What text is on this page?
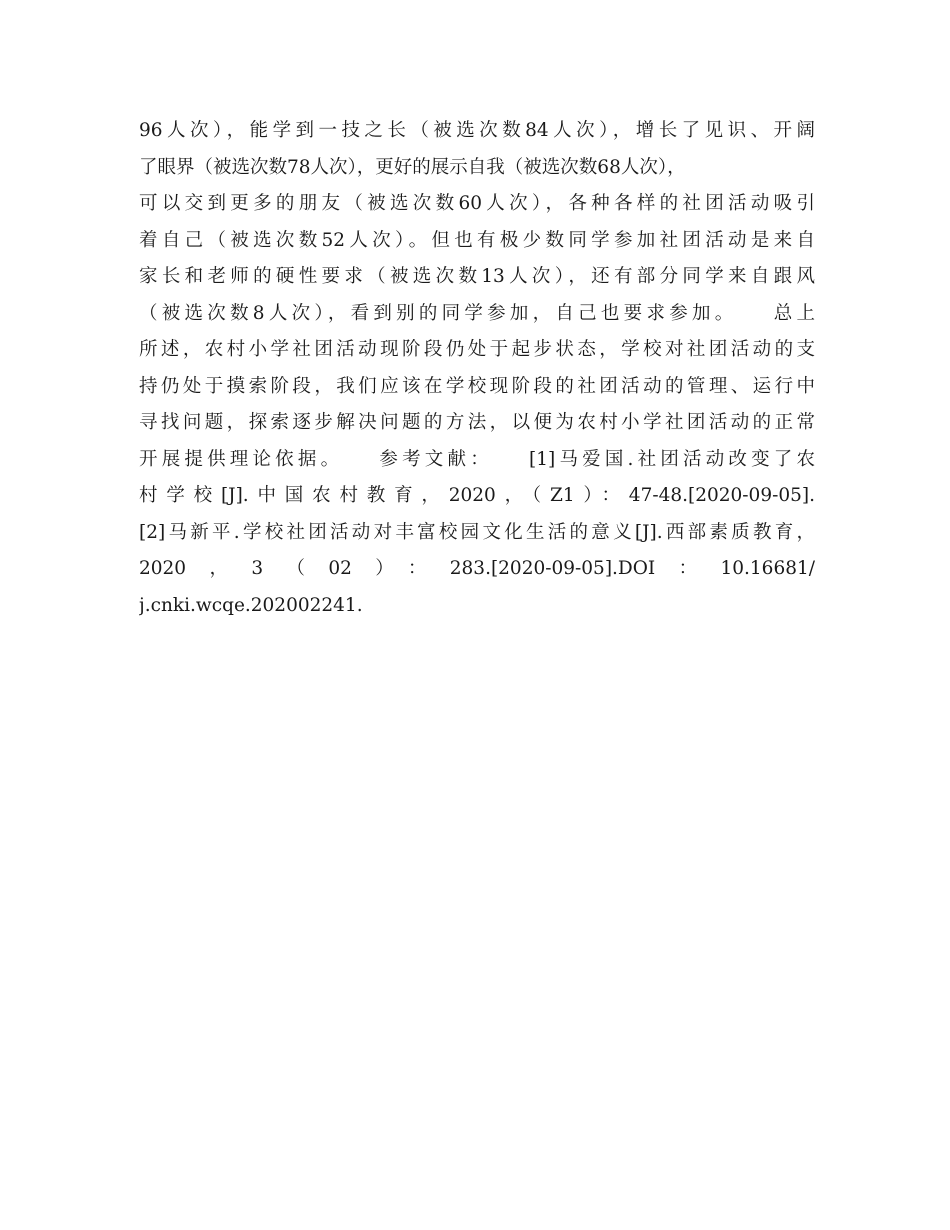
96人次），能学到一技之长（被选次数84人次），增长了见识、开阔
了眼界（被选次数78人次），更好的展示自我（被选次数68人次），
可以交到更多的朋友（被选次数60人次），各种各样的社团活动吸引
着自己（被选次数52人次）。但也有极少数同学参加社团活动是来自
家长和老师的硬性要求（被选次数13人次），还有部分同学来自跟风
（被选次数8人次），看到别的同学参加，自己也要求参加。　　总上
所述，农村小学社团活动现阶段仍处于起步状态，学校对社团活动的支
持仍处于摸索阶段，我们应该在学校现阶段的社团活动的管理、运行中
寻找问题，探索逐步解决问题的方法，以便为农村小学社团活动的正常
开展提供理论依据。　　参考文献：　　[1]马爱国.社团活动改变了农
村学校[J].中国农村教育，2020，（Z1）：47-48.[2020-09-05].
[2]马新平.学校社团活动对丰富校园文化生活的意义[J].西部素质教育，
2020，3（02）：283.[2020-09-05].DOI：10.16681/
j.cnki.wcqe.202002241.
